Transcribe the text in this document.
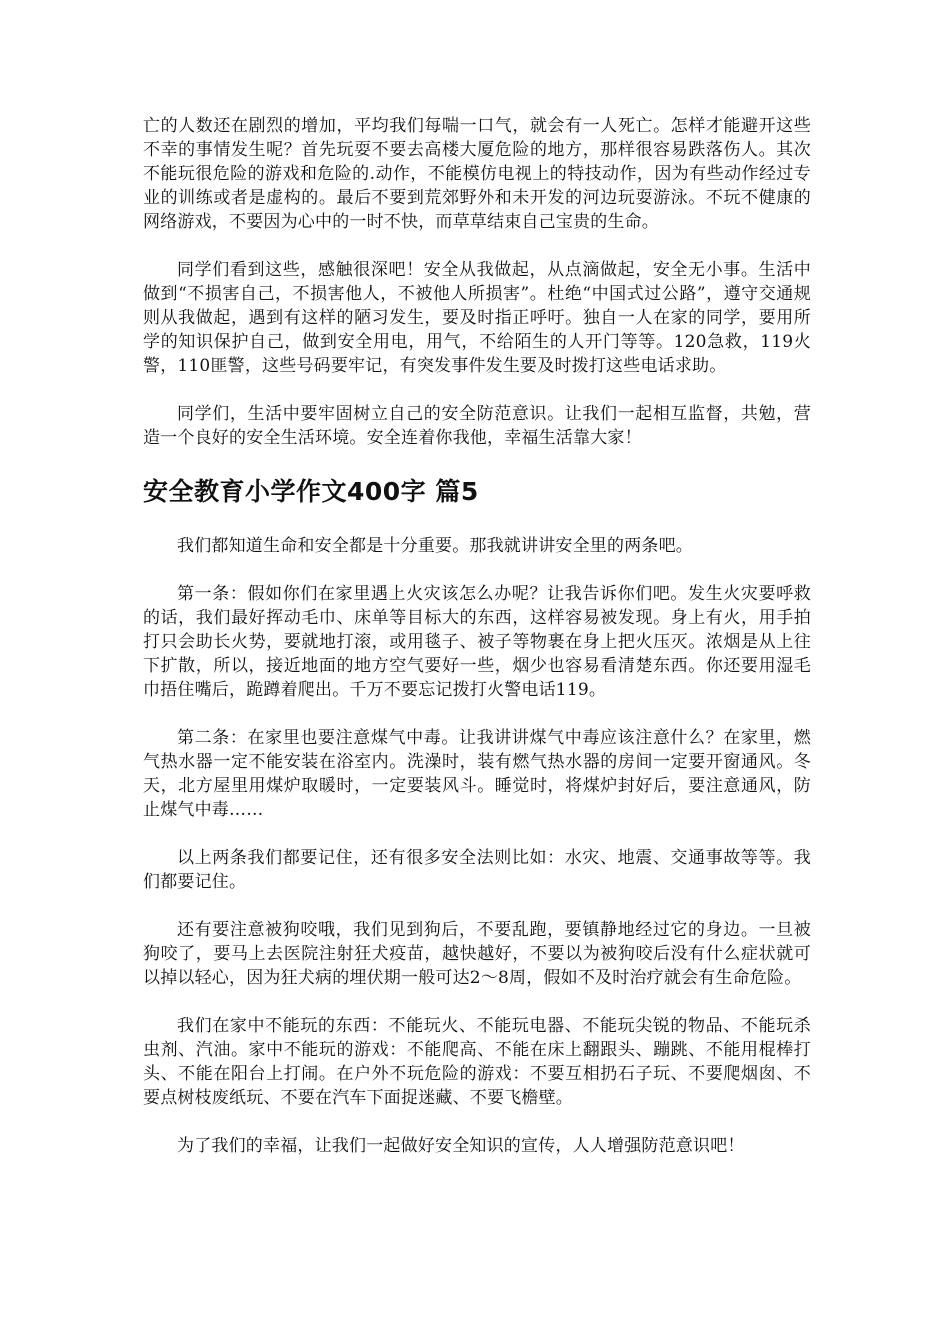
亡的人数还在剧烈的增加，平均我们每喘一口气，就会有一人死亡。怎样才能避开这些不幸的事情发生呢？首先玩耍不要去高楼大厦危险的地方，那样很容易跌落伤人。其次不能玩很危险的游戏和危险的.动作，不能模仿电视上的特技动作，因为有些动作经过专业的训练或者是虚构的。最后不要到荒郊野外和未开发的河边玩耍游泳。不玩不健康的网络游戏，不要因为心中的一时不快，而草草结束自己宝贵的生命。

同学们看到这些，感触很深吧！安全从我做起，从点滴做起，安全无小事。生活中做到“不损害自己，不损害他人，不被他人所损害”。杜绝“中国式过公路”，遵守交通规则从我做起，遇到有这样的陋习发生，要及时指正呼吁。独自一人在家的同学，要用所学的知识保护自己，做到安全用电，用气，不给陌生的人开门等等。120急救，119火警，110匪警，这些号码要牢记，有突发事件发生要及时拨打这些电话求助。

同学们，生活中要牢固树立自己的安全防范意识。让我们一起相互监督，共勉，营造一个良好的安全生活环境。安全连着你我他，幸福生活靠大家！

安全教育小学作文400字 篇5

我们都知道生命和安全都是十分重要。那我就讲讲安全里的两条吧。

第一条：假如你们在家里遇上火灾该怎么办呢？让我告诉你们吧。发生火灾要呼救的话，我们最好挥动毛巾、床单等目标大的东西，这样容易被发现。身上有火，用手拍打只会助长火势，要就地打滚，或用毯子、被子等物裹在身上把火压灭。浓烟是从上往下扩散，所以，接近地面的地方空气要好一些，烟少也容易看清楚东西。你还要用湿毛巾捂住嘴后，跪蹲着爬出。千万不要忘记拨打火警电话119。

第二条：在家里也要注意煤气中毒。让我讲讲煤气中毒应该注意什么？在家里，燃气热水器一定不能安装在浴室内。洗澡时，装有燃气热水器的房间一定要开窗通风。冬天，北方屋里用煤炉取暖时，一定要装风斗。睡觉时，将煤炉封好后，要注意通风，防止煤气中毒……

以上两条我们都要记住，还有很多安全法则比如：水灾、地震、交通事故等等。我们都要记住。

还有要注意被狗咬哦，我们见到狗后，不要乱跑，要镇静地经过它的身边。一旦被狗咬了，要马上去医院注射狂犬疫苗，越快越好，不要以为被狗咬后没有什么症状就可以掉以轻心，因为狂犬病的埋伏期一般可达2～8周，假如不及时治疗就会有生命危险。

我们在家中不能玩的东西：不能玩火、不能玩电器、不能玩尖锐的物品、不能玩杀虫剂、汽油。家中不能玩的游戏：不能爬高、不能在床上翻跟头、蹦跳、不能用棍棒打头、不能在阳台上打闹。在户外不玩危险的游戏：不要互相扔石子玩、不要爬烟囱、不要点树枝废纸玩、不要在汽车下面捉迷藏、不要飞檐壁。

为了我们的幸福，让我们一起做好安全知识的宣传，人人增强防范意识吧！
